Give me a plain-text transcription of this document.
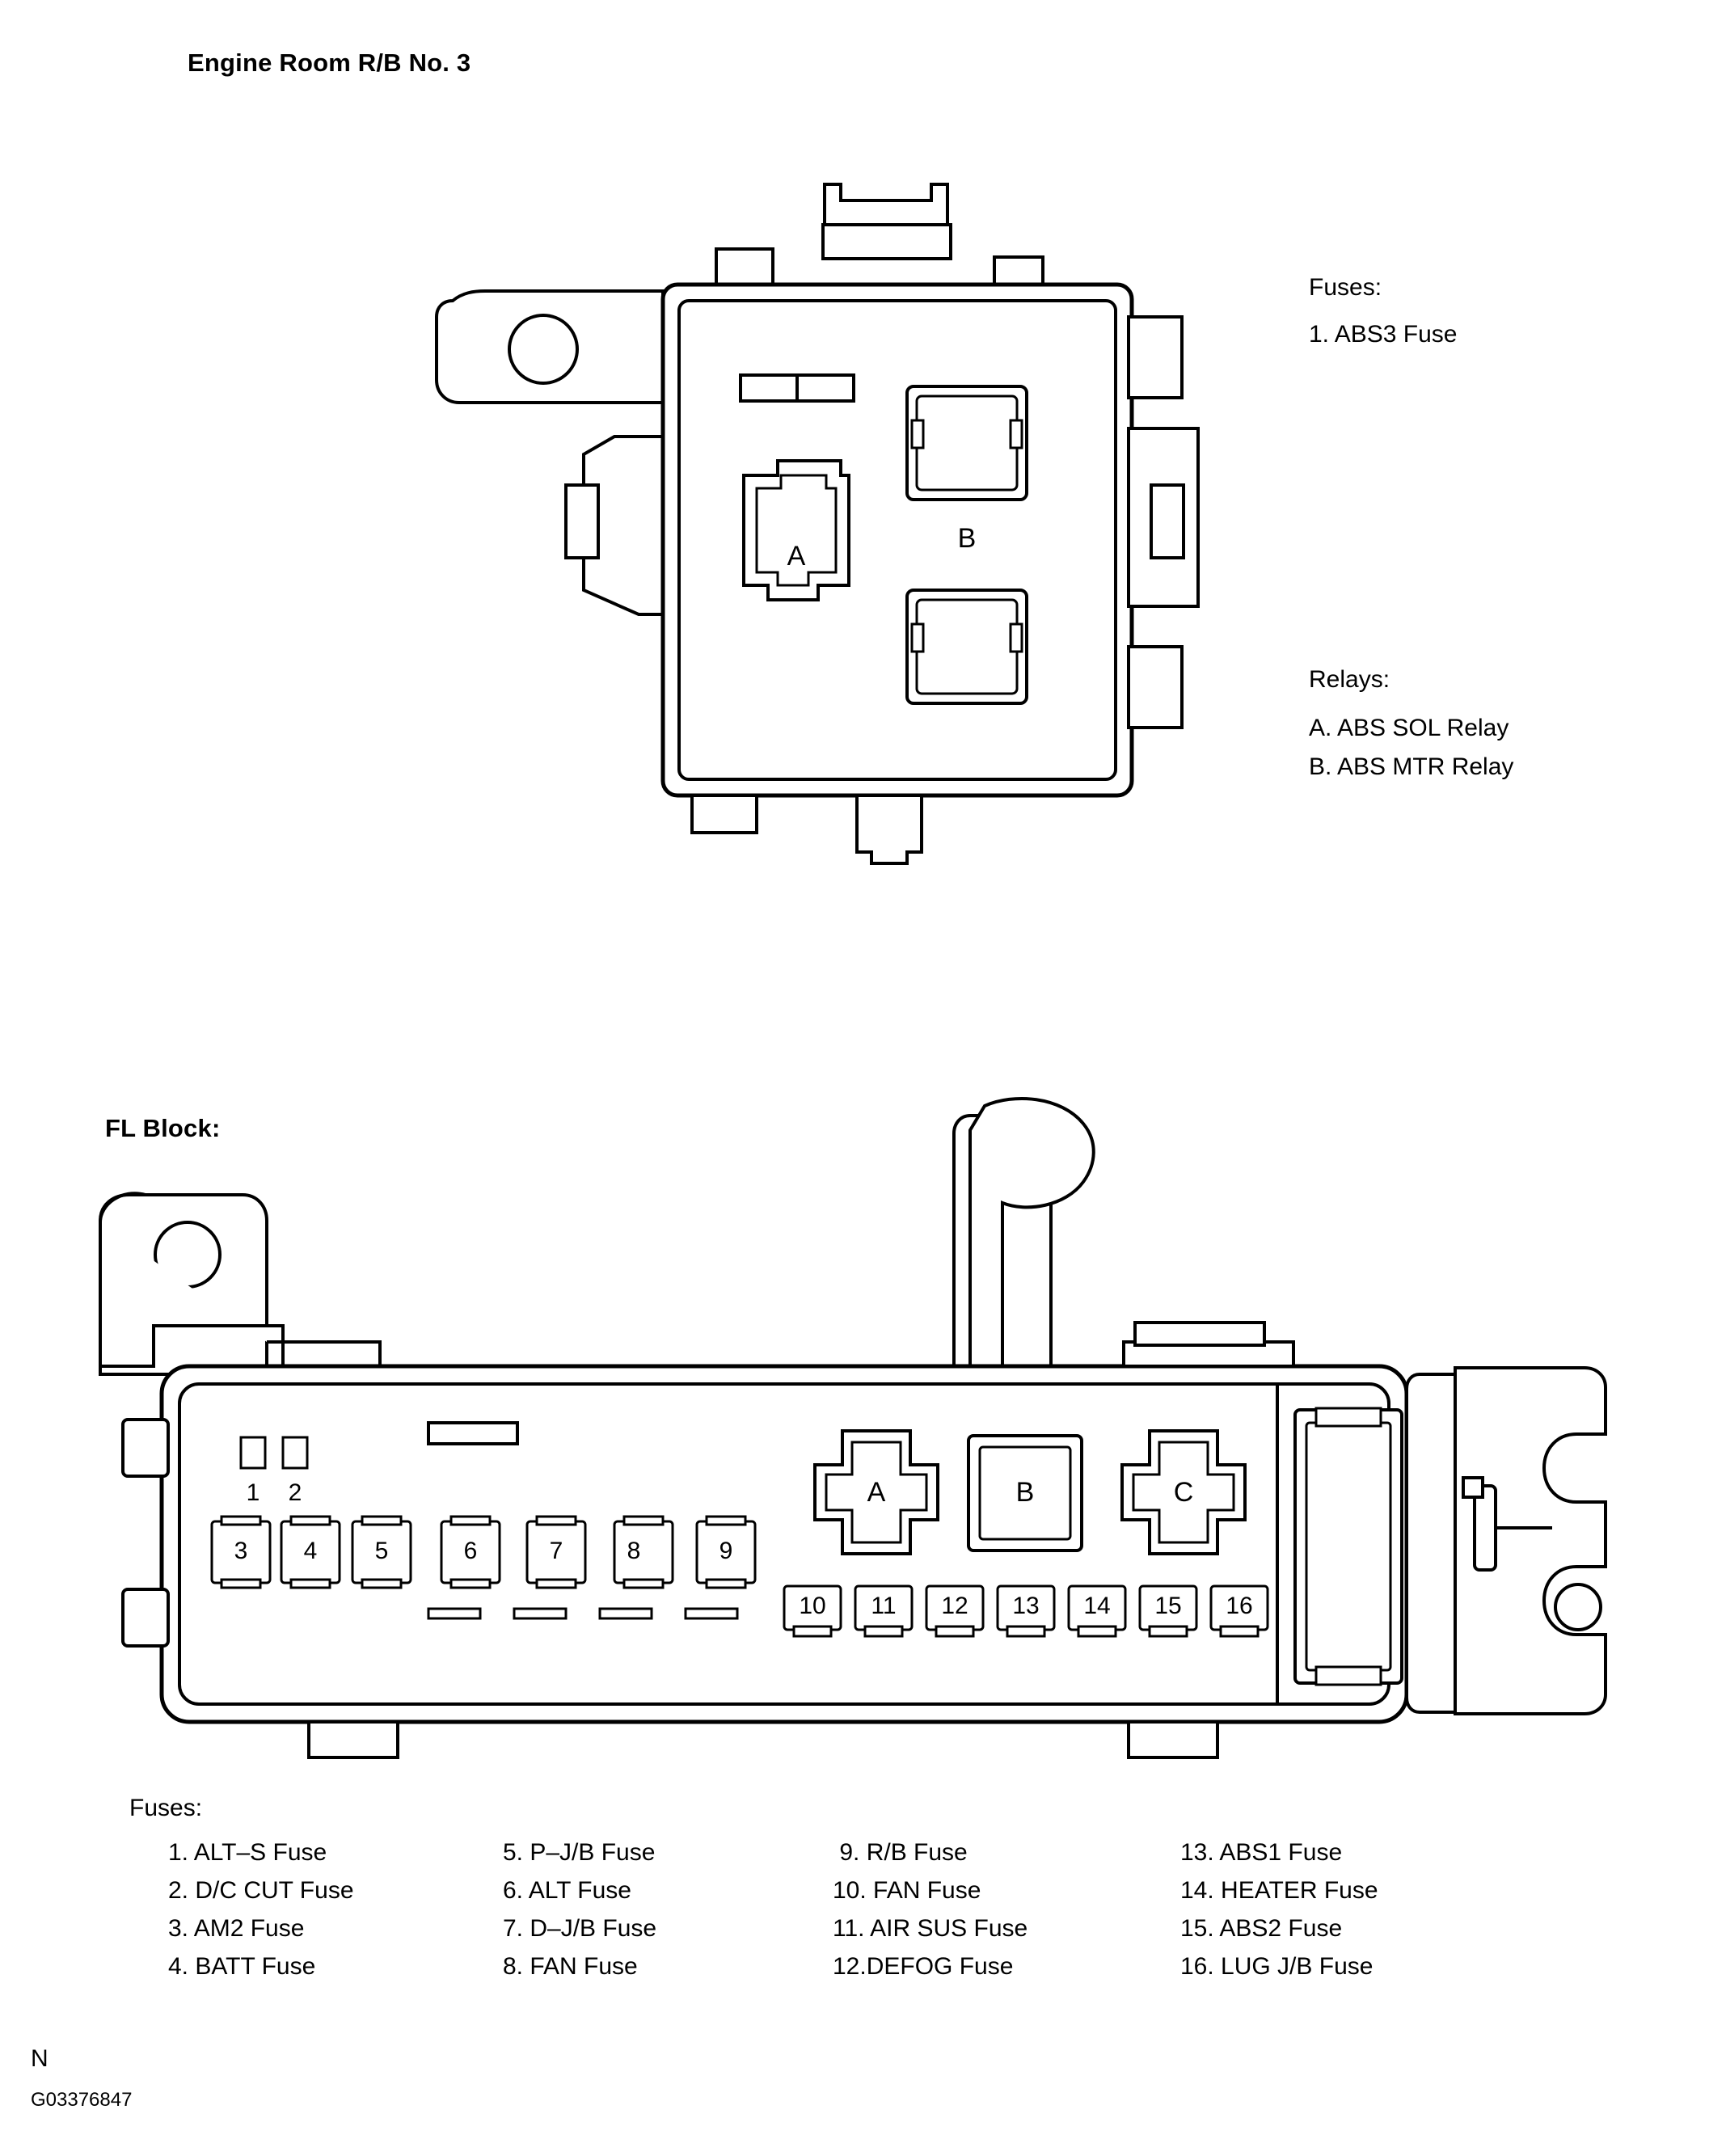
Engine Room R/B No. 3
FL Block:
A
B
1 2
3 4 5	6	7	8	9
10 11 12 13 14 15 16
A	B	C
Fuses:
1. ABS3 Fuse
Relays:
A. ABS SOL Relay
B. ABS MTR Relay
Fuses:
1. ALT–S Fuse
2. D/C CUT Fuse
3. AM2 Fuse
4. BATT Fuse
5. P–J/B Fuse
6. ALT Fuse
7. D–J/B Fuse
8. FAN Fuse
9. R/B Fuse
10. FAN Fuse
11. AIR SUS Fuse
12.DEFOG Fuse
13. ABS1 Fuse
14. HEATER Fuse
15. ABS2 Fuse
16. LUG J/B Fuse
N
G03376847
